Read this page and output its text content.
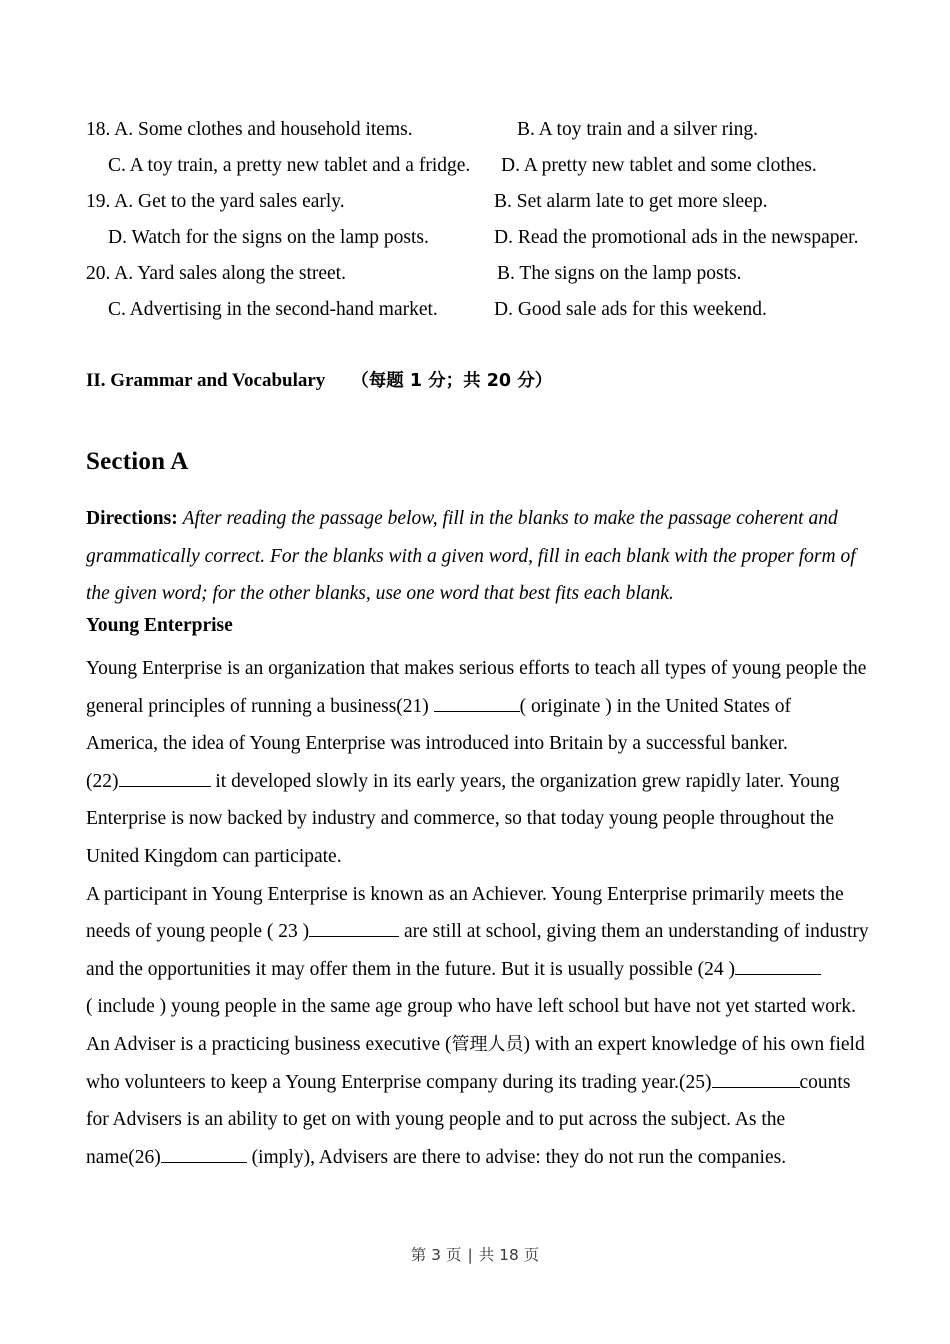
18. A. Some clothes and household items.	B. A toy train and a silver ring.
C. A toy train, a pretty new tablet and a fridge. D. A pretty new tablet and some clothes.
19. A. Get to the yard sales early.	B. Set alarm late to get more sleep.
D. Watch for the signs on the lamp posts.	D. Read the promotional ads in the newspaper.
20. A. Yard sales along the street.	B. The signs on the lamp posts.
C. Advertising in the second-hand market.	D. Good sale ads for this weekend.
II. Grammar and Vocabulary （每题 1 分；共 20 分）
Section A
Directions: After reading the passage below, fill in the blanks to make the passage coherent and grammatically correct. For the blanks with a given word, fill in each blank with the proper form of the given word; for the other blanks, use one word that best fits each blank.
Young Enterprise
Young Enterprise is an organization that makes serious efforts to teach all types of young people the
general principles of running a business(21)	( originate ) in the United States of
America, the idea of Young Enterprise was introduced into Britain by a successful banker.
(22)	it developed slowly in its early years, the organization grew rapidly later. Young
Enterprise is now backed by industry and commerce, so that today young people throughout the
United Kingdom can participate.
A participant in Young Enterprise is known as an Achiever. Young Enterprise primarily meets the
needs of young people ( 23 )	are still at school, giving them an understanding of industry
and the opportunities it may offer them in the future. But it is usually possible (24 )
( include ) young people in the same age group who have left school but have not yet started work.
An Adviser is a practicing business executive (管理人员) with an expert knowledge of his own field
who volunteers to keep a Young Enterprise company during its trading year.(25)	counts
for Advisers is an ability to get on with young people and to put across the subject. As the
name(26)	(imply), Advisers are there to advise: they do not run the companies.
第 3 页 | 共 18 页
